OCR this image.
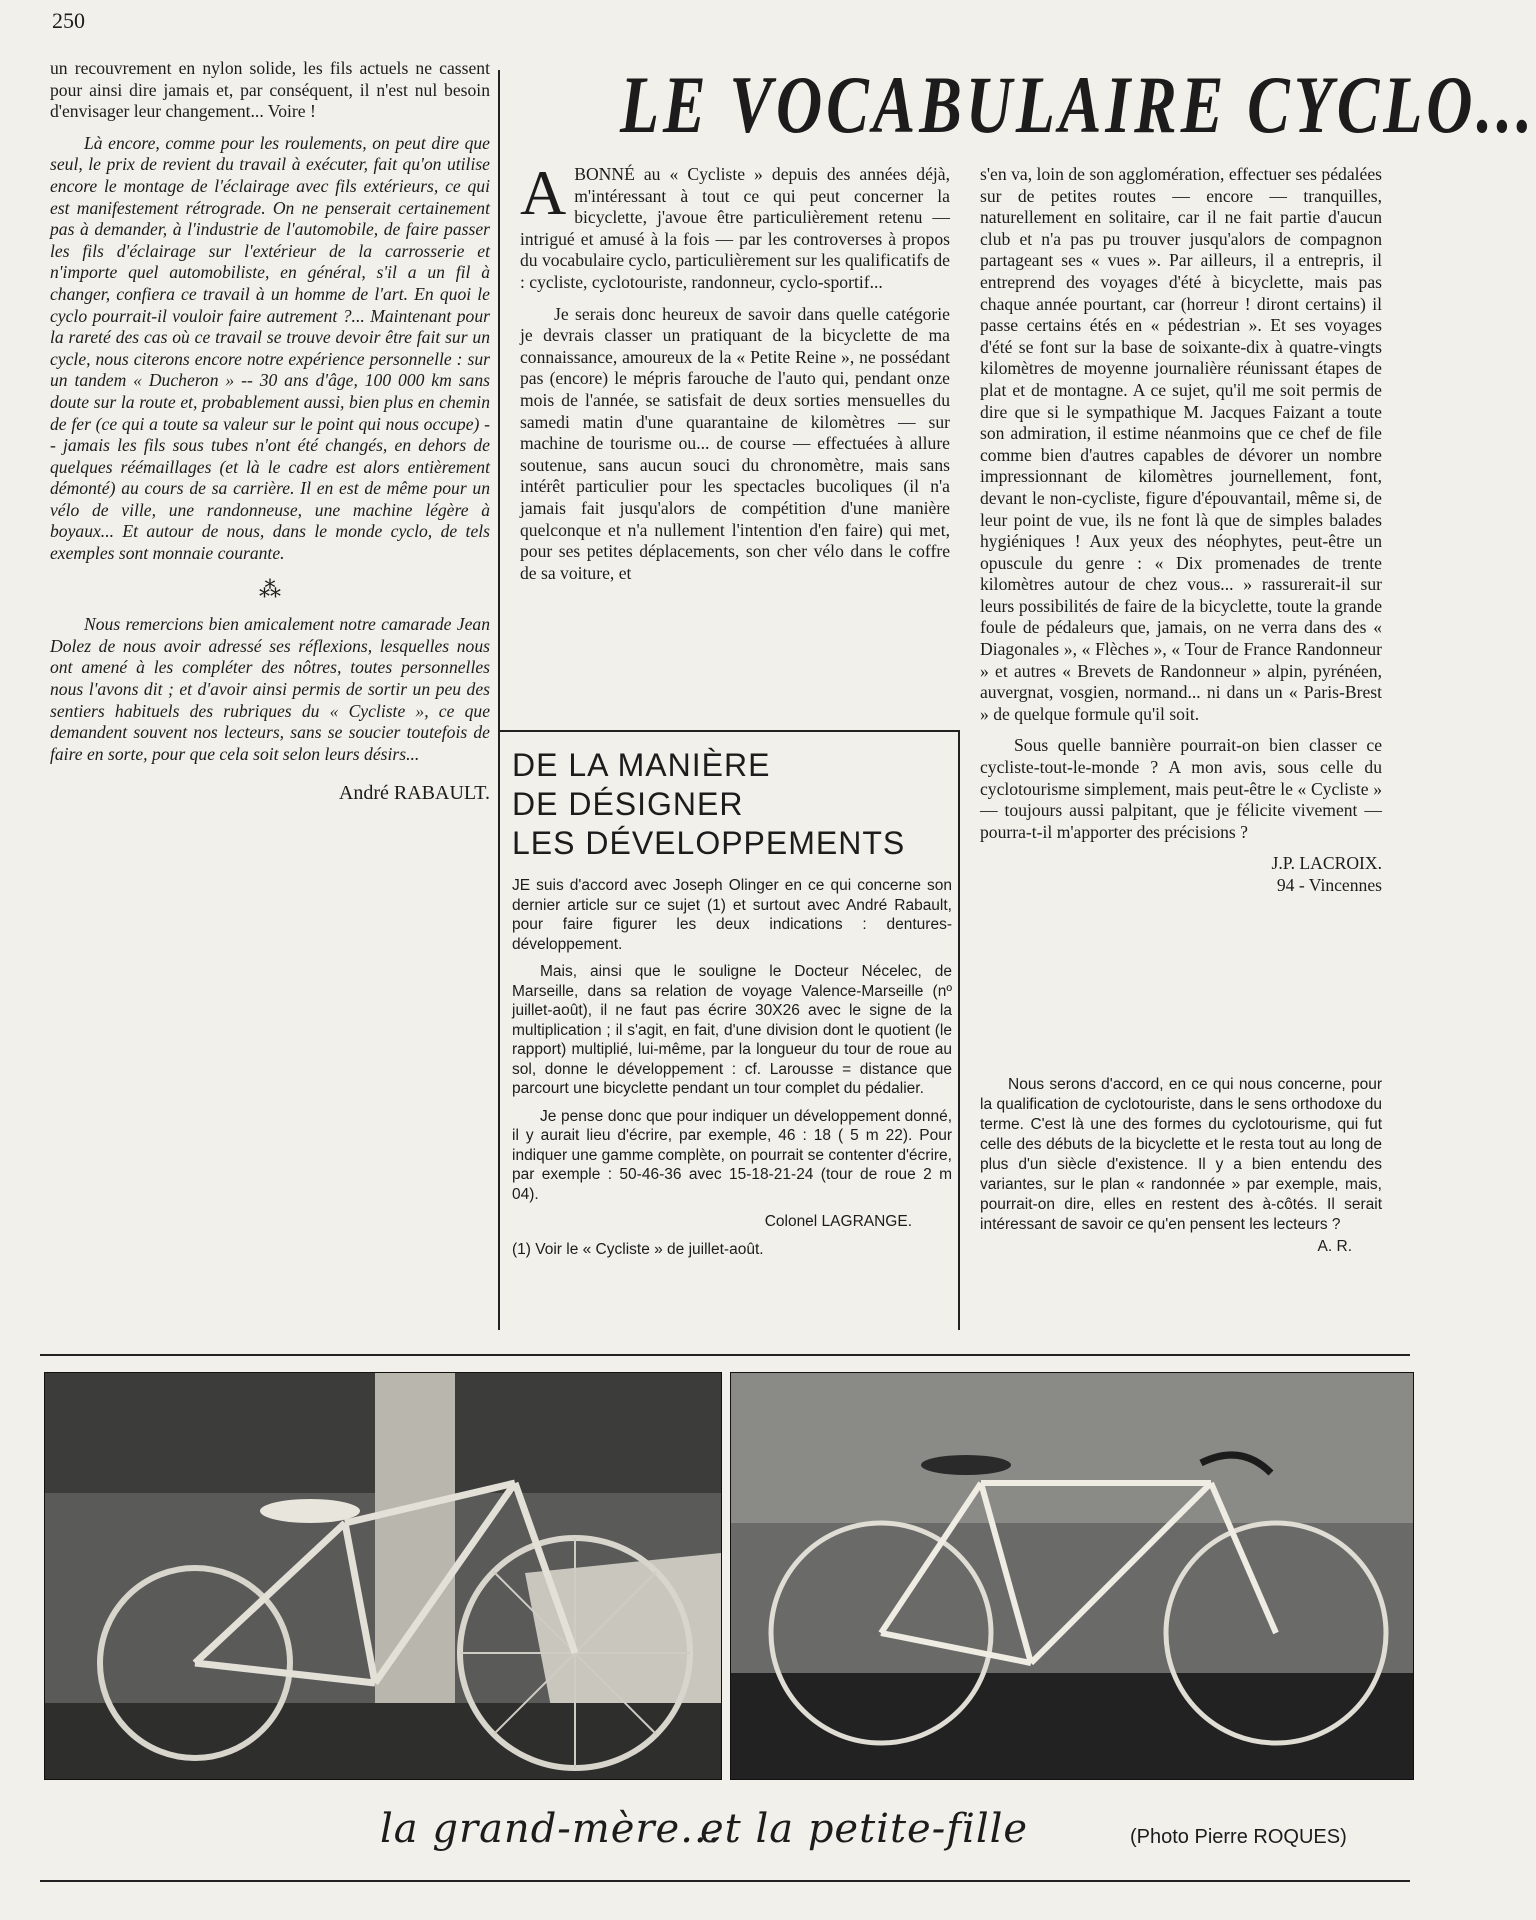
250

un recouvrement en nylon solide, les fils actuels ne cassent pour ainsi dire jamais et, par conséquent, il n'est nul besoin d'envisager leur changement... Voire !

Là encore, comme pour les roulements, on peut dire que seul, le prix de revient du travail à exécuter, fait qu'on utilise encore le montage de l'éclairage avec fils extérieurs, ce qui est manifestement rétrograde. On ne penserait certainement pas à demander, à l'industrie de l'automobile, de faire passer les fils d'éclairage sur l'extérieur de la carrosserie et n'importe quel automobiliste, en général, s'il a un fil à changer, confiera ce travail à un homme de l'art. En quoi le cyclo pourrait-il vouloir faire autrement ?... Maintenant pour la rareté des cas où ce travail se trouve devoir être fait sur un cycle, nous citerons encore notre expérience personnelle : sur un tandem « Ducheron » -- 30 ans d'âge, 100 000 km sans doute sur la route et, probablement aussi, bien plus en chemin de fer (ce qui a toute sa valeur sur le point qui nous occupe) -- jamais les fils sous tubes n'ont été changés, en dehors de quelques réémaillages (et là le cadre est alors entièrement démonté) au cours de sa carrière. Il en est de même pour un vélo de ville, une randonneuse, une machine légère à boyaux... Et autour de nous, dans le monde cyclo, de tels exemples sont monnaie courante.

⁂

Nous remercions bien amicalement notre camarade Jean Dolez de nous avoir adressé ses réflexions, lesquelles nous ont amené à les compléter des nôtres, toutes personnelles nous l'avons dit ; et d'avoir ainsi permis de sortir un peu des sentiers habituels des rubriques du « Cycliste », ce que demandent souvent nos lecteurs, sans se soucier toutefois de faire en sorte, pour que cela soit selon leurs désirs...

André RABAULT.

LE VOCABULAIRE CYCLO...

ABONNÉ au « Cycliste » depuis des années déjà, m'intéressant à tout ce qui peut concerner la bicyclette, j'avoue être particulièrement retenu — intrigué et amusé à la fois — par les controverses à propos du vocabulaire cyclo, particulièrement sur les qualificatifs de : cycliste, cyclotouriste, randonneur, cyclo-sportif...

Je serais donc heureux de savoir dans quelle catégorie je devrais classer un pratiquant de la bicyclette de ma connaissance, amoureux de la « Petite Reine », ne possédant pas (encore) le mépris farouche de l'auto qui, pendant onze mois de l'année, se satisfait de deux sorties mensuelles du samedi matin d'une quarantaine de kilomètres — sur machine de tourisme ou... de course — effectuées à allure soutenue, sans aucun souci du chronomètre, mais sans intérêt particulier pour les spectacles bucoliques (il n'a jamais fait jusqu'alors de compétition d'une manière quelconque et n'a nullement l'intention d'en faire) qui met, pour ses petites déplacements, son cher vélo dans le coffre de sa voiture, et

s'en va, loin de son agglomération, effectuer ses pédalées sur de petites routes — encore — tranquilles, naturellement en solitaire, car il ne fait partie d'aucun club et n'a pas pu trouver jusqu'alors de compagnon partageant ses « vues ». Par ailleurs, il a entrepris, il entreprend des voyages d'été à bicyclette, mais pas chaque année pourtant, car (horreur ! diront certains) il passe certains étés en « pédestrian ». Et ses voyages d'été se font sur la base de soixante-dix à quatre-vingts kilomètres de moyenne journalière réunissant étapes de plat et de montagne. A ce sujet, qu'il me soit permis de dire que si le sympathique M. Jacques Faizant a toute son admiration, il estime néanmoins que ce chef de file comme bien d'autres capables de dévorer un nombre impressionnant de kilomètres journellement, font, devant le non-cycliste, figure d'épouvantail, même si, de leur point de vue, ils ne font là que de simples balades hygiéniques ! Aux yeux des néophytes, peut-être un opuscule du genre : « Dix promenades de trente kilomètres autour de chez vous... » rassurerait-il sur leurs possibilités de faire de la bicyclette, toute la grande foule de pédaleurs que, jamais, on ne verra dans des « Diagonales », « Flèches », « Tour de France Randonneur » et autres « Brevets de Randonneur » alpin, pyrénéen, auvergnat, vosgien, normand... ni dans un « Paris-Brest » de quelque formule qu'il soit.

Sous quelle bannière pourrait-on bien classer ce cycliste-tout-le-monde ? A mon avis, sous celle du cyclotourisme simplement, mais peut-être le « Cycliste » — toujours aussi palpitant, que je félicite vivement — pourra-t-il m'apporter des précisions ?

J.P. LACROIX.

94 - Vincennes

DE LA MANIÈRE
DE DÉSIGNER
LES DÉVELOPPEMENTS

JE suis d'accord avec Joseph Olinger en ce qui concerne son dernier article sur ce sujet (1) et surtout avec André Rabault, pour faire figurer les deux indications : dentures-développement.

Mais, ainsi que le souligne le Docteur Nécelec, de Marseille, dans sa relation de voyage Valence-Marseille (nº juillet-août), il ne faut pas écrire 30X26 avec le signe de la multiplication ; il s'agit, en fait, d'une division dont le quotient (le rapport) multiplié, lui-même, par la longueur du tour de roue au sol, donne le développement : cf. Larousse = distance que parcourt une bicyclette pendant un tour complet du pédalier.

Je pense donc que pour indiquer un développement donné, il y aurait lieu d'écrire, par exemple, 46 : 18 ( 5 m 22). Pour indiquer une gamme complète, on pourrait se contenter d'écrire, par exemple : 50-46-36 avec 15-18-21-24 (tour de roue 2 m 04).

Colonel LAGRANGE.

(1) Voir le « Cycliste » de juillet-août.

Nous serons d'accord, en ce qui nous concerne, pour la qualification de cyclotouriste, dans le sens orthodoxe du terme. C'est là une des formes du cyclotourisme, qui fut celle des débuts de la bicyclette et le resta tout au long de plus d'un siècle d'existence. Il y a bien entendu des variantes, sur le plan « randonnée » par exemple, mais, pourrait-on dire, elles en restent des à-côtés. Il serait intéressant de savoir ce qu'en pensent les lecteurs ?

A. R.

la grand-mère...
et la petite-fille	(Photo Pierre ROQUES)
